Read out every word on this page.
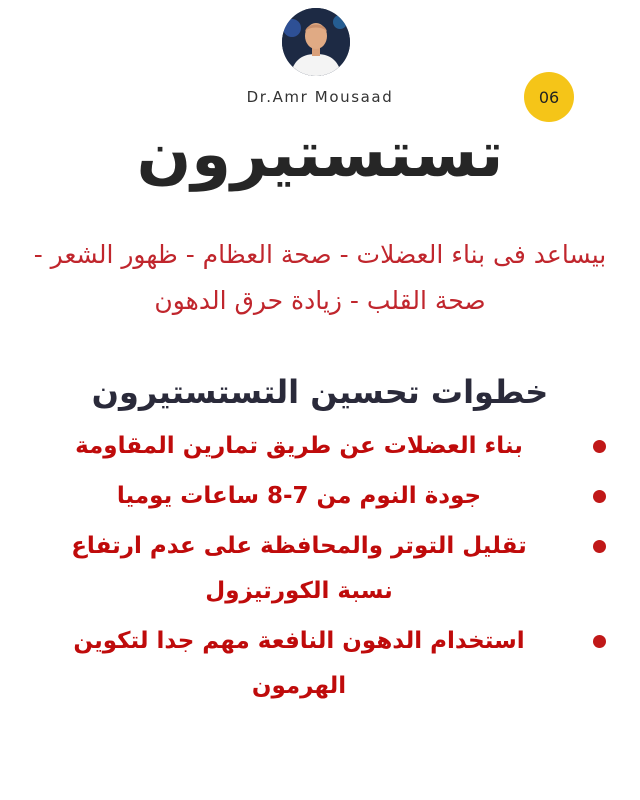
Dr.Amr Mousaad	06
تستستيرون

بيساعد فى بناء العضلات - صحة العظام - ظهور الشعر - صحة القلب - زيادة حرق الدهون

خطوات تحسين التستستيرون
بناء العضلات عن طريق تمارين المقاومة
جودة النوم من 7-8 ساعات يوميا
تقليل التوتر والمحافظة على عدم ارتفاع نسبة الكورتيزول
استخدام الدهون النافعة مهم جدا لتكوين الهرمون
